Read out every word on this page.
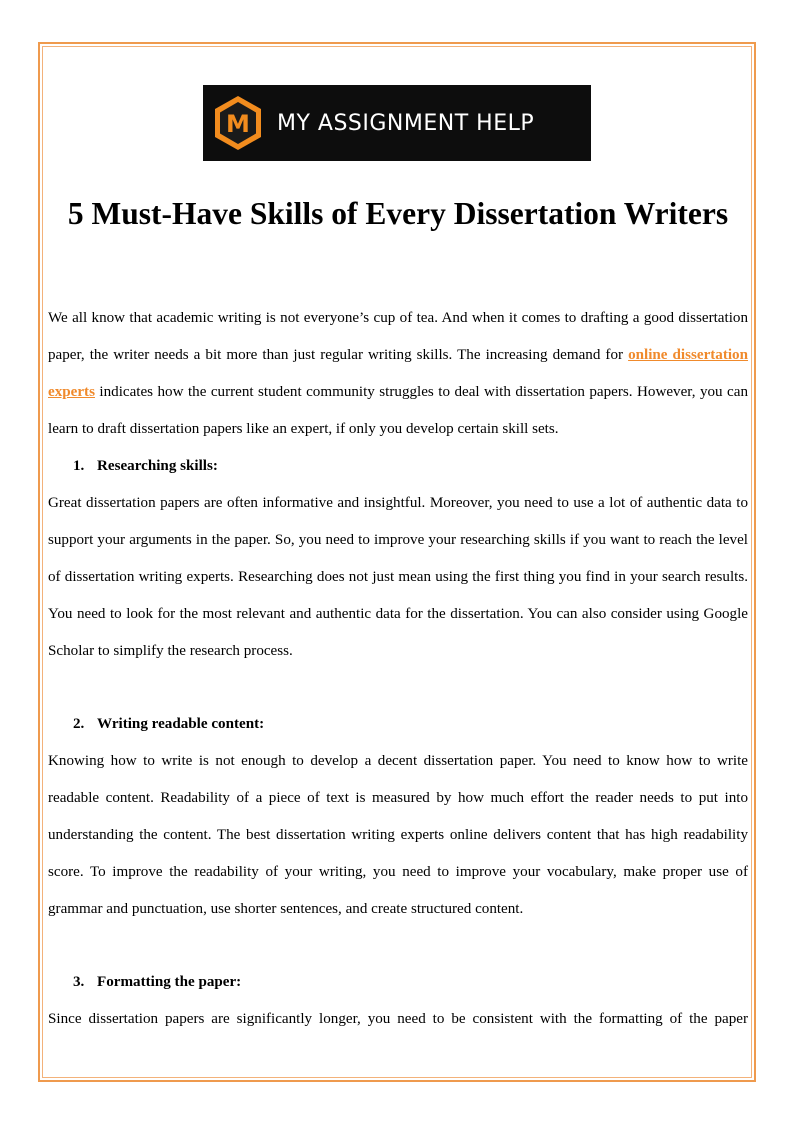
M MY ASSIGNMENT HELP
5 Must-Have Skills of Every Dissertation Writers

We all know that academic writing is not everyone’s cup of tea. And when it comes to drafting a good dissertation paper, the writer needs a bit more than just regular writing skills. The increasing demand for online dissertation experts indicates how the current student community struggles to deal with dissertation papers. However, you can learn to draft dissertation papers like an expert, if only you develop certain skill sets.

1. Researching skills:

Great dissertation papers are often informative and insightful. Moreover, you need to use a lot of authentic data to support your arguments in the paper. So, you need to improve your researching skills if you want to reach the level of dissertation writing experts. Researching does not just mean using the first thing you find in your search results. You need to look for the most relevant and authentic data for the dissertation. You can also consider using Google Scholar to simplify the research process.

2. Writing readable content:

Knowing how to write is not enough to develop a decent dissertation paper. You need to know how to write readable content. Readability of a piece of text is measured by how much effort the reader needs to put into understanding the content. The best dissertation writing experts online delivers content that has high readability score. To improve the readability of your writing, you need to improve your vocabulary, make proper use of grammar and punctuation, use shorter sentences, and create structured content.

3. Formatting the paper:

Since dissertation papers are significantly longer, you need to be consistent with the formatting of the paper
